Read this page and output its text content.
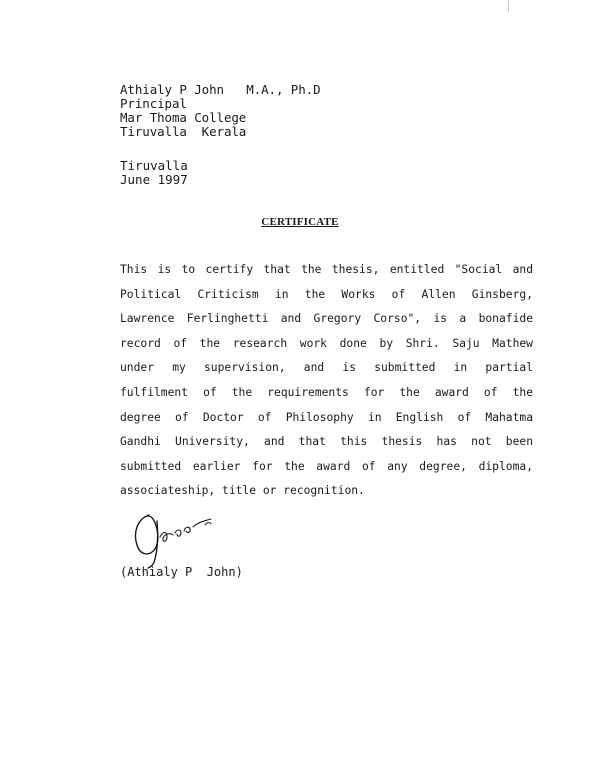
Athialy P John   M.A., Ph.D
Principal
Mar Thoma College
Tiruvalla  Kerala
Tiruvalla
June 1997
CERTIFICATE
This is to certify that the thesis, entitled "Social and
Political Criticism in the Works of Allen Ginsberg,
Lawrence Ferlinghetti and Gregory Corso", is a bonafide
record of the research work done by Shri. Saju Mathew
under my supervision, and is submitted in partial
fulfilment of the requirements for the award of the
degree of Doctor of Philosophy in English of Mahatma
Gandhi University, and that this thesis has not been
submitted earlier for the award of any degree, diploma,
associateship, title or recognition.
(Athialy P  John)
